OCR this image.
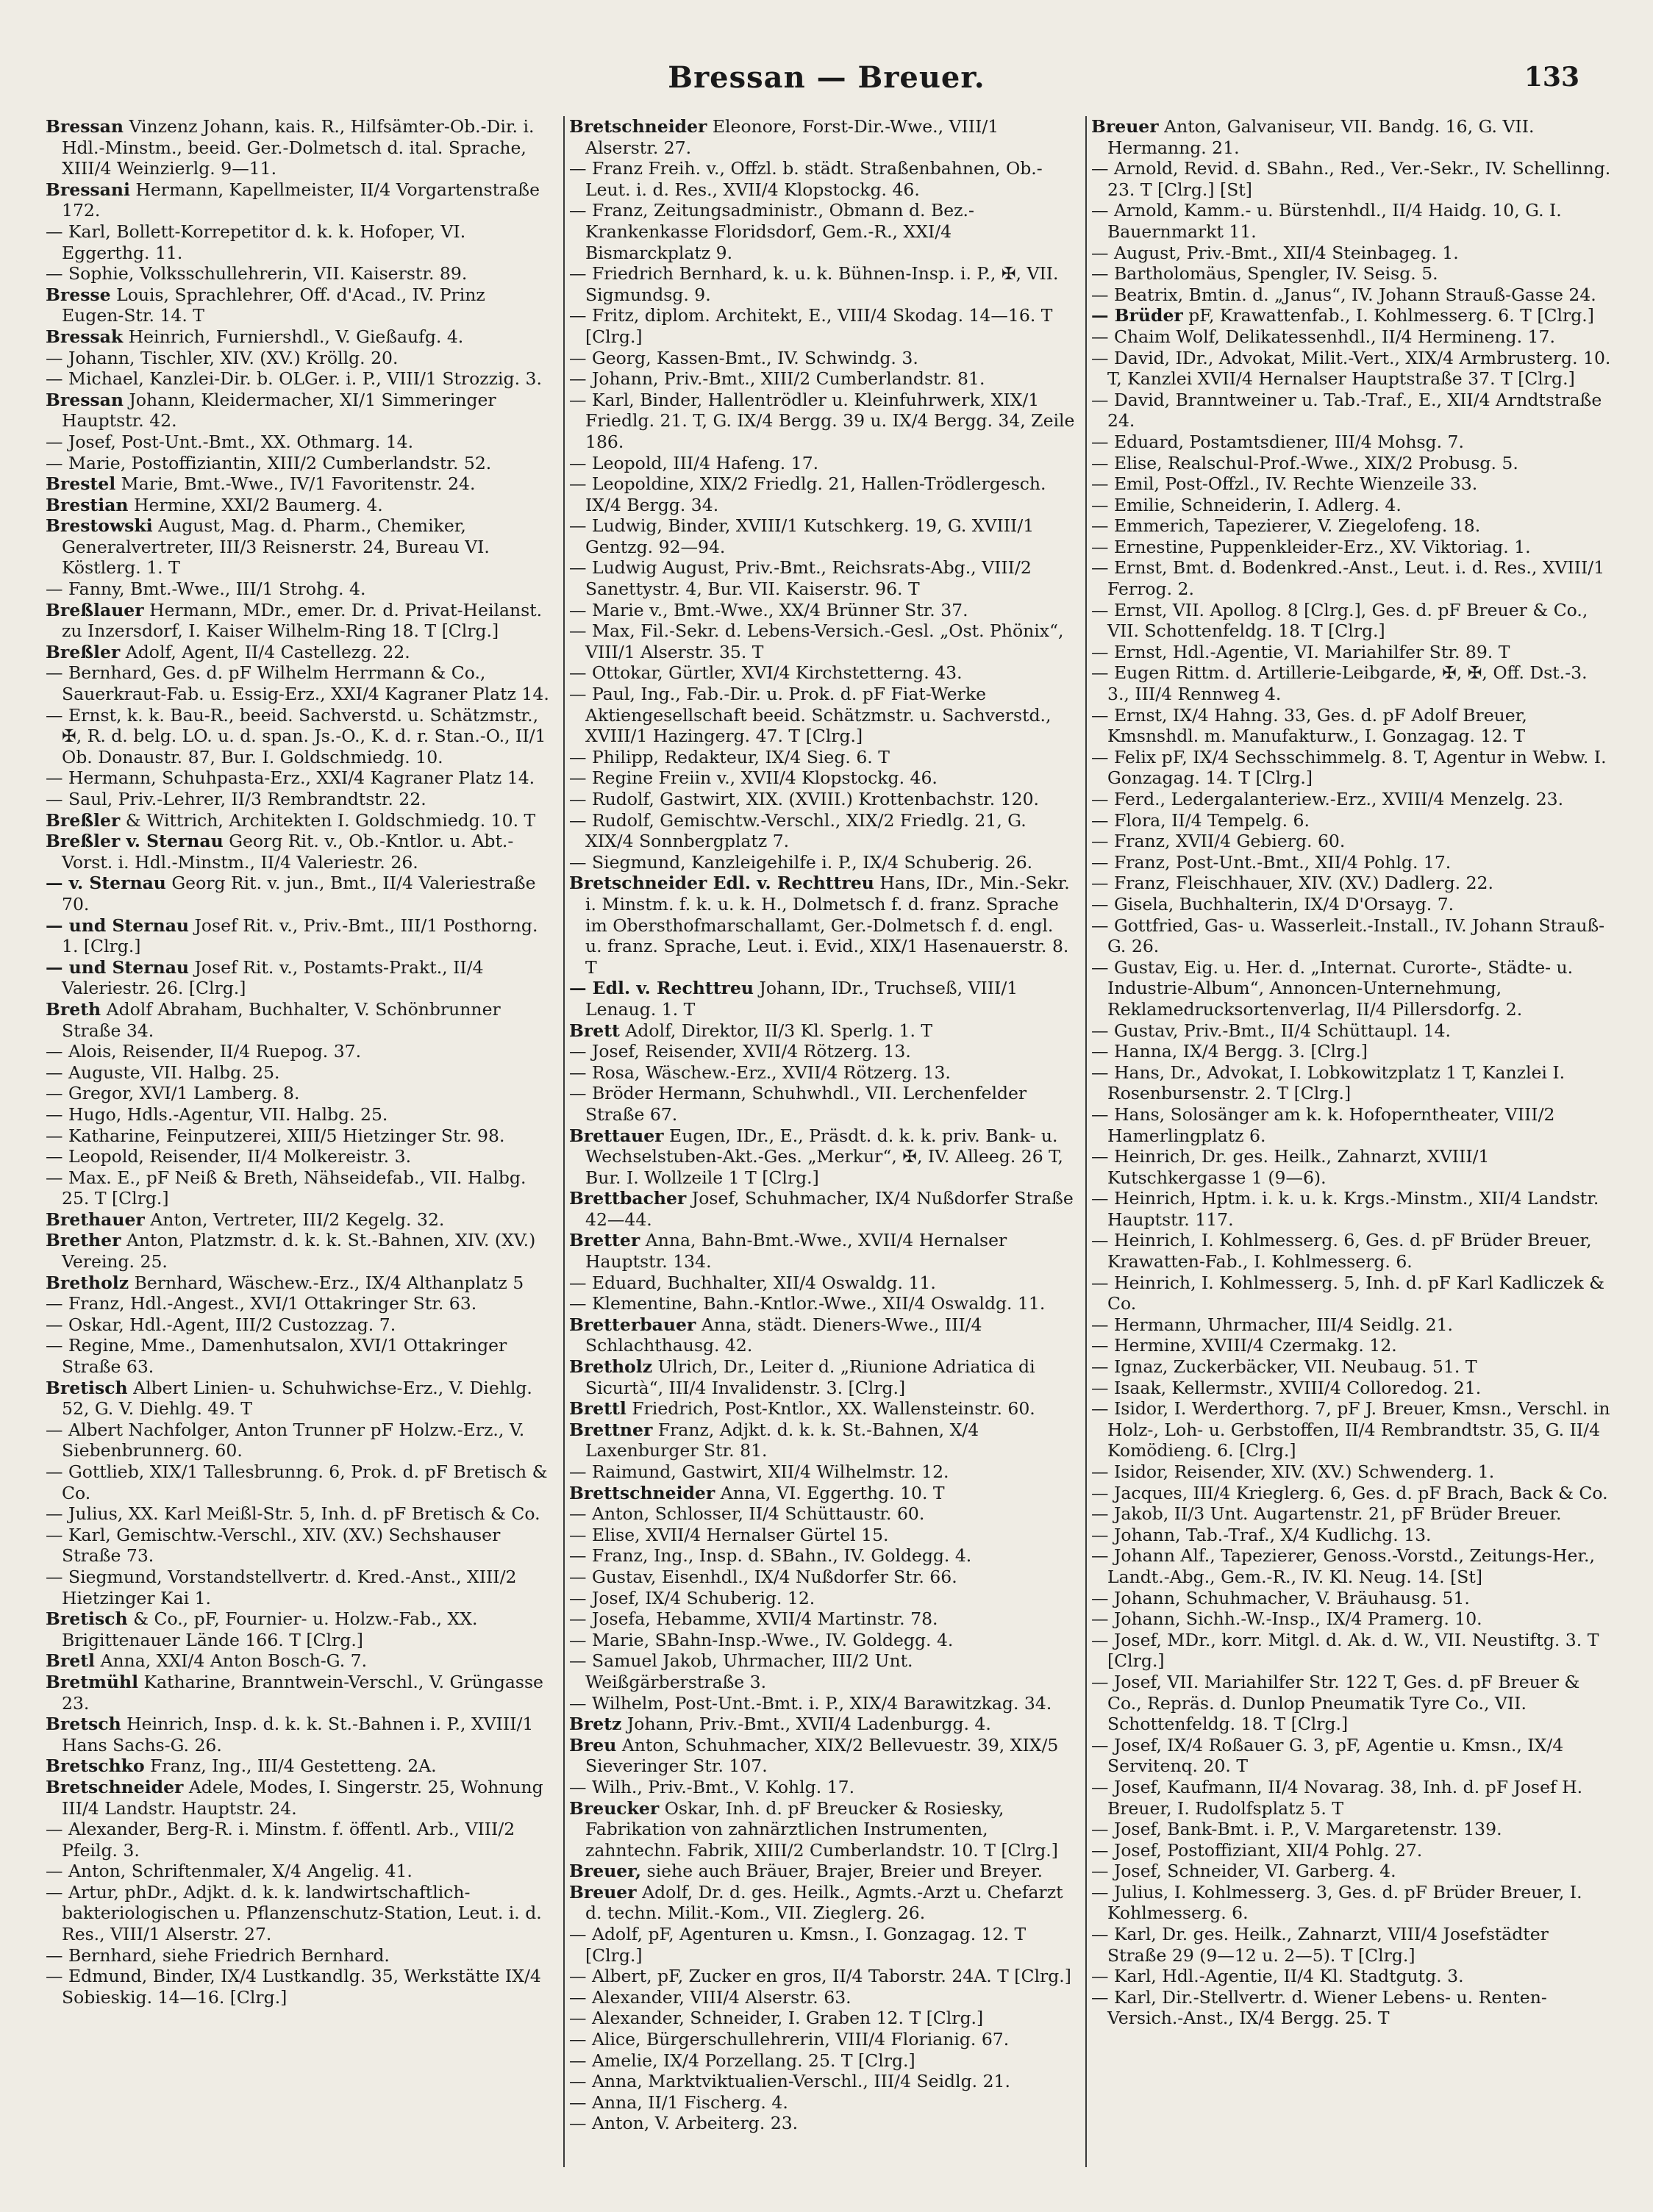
Bressan — Breuer.	133
Bressan Vinzenz Johann, kais. R., Hilfsämter-Ob.-Dir. i. Hdl.-Minstm., beeid. Ger.-Dolmetsch d. ital. Sprache, XIII/4 Weinzierlg. 9—11.
Bressani Hermann, Kapellmeister, II/4 Vorgartenstraße 172.
— Karl, Bollett-Korrepetitor d. k. k. Hofoper, VI. Eggerthg. 11.
— Sophie, Volksschullehrerin, VII. Kaiserstr. 89.
Bresse Louis, Sprachlehrer, Off. d'Acad., IV. Prinz Eugen-Str. 14. T
Bressak Heinrich, Furniershdl., V. Gießaufg. 4.
— Johann, Tischler, XIV. (XV.) Kröllg. 20.
— Michael, Kanzlei-Dir. b. OLGer. i. P., VIII/1 Strozzig. 3.
Bressan Johann, Kleidermacher, XI/1 Simmeringer Hauptstr. 42.
— Josef, Post-Unt.-Bmt., XX. Othmarg. 14.
— Marie, Postoffiziantin, XIII/2 Cumberlandstr. 52.
Brestel Marie, Bmt.-Wwe., IV/1 Favoritenstr. 24.
Brestian Hermine, XXI/2 Baumerg. 4.
Brestowski August, Mag. d. Pharm., Chemiker, Generalvertreter, III/3 Reisnerstr. 24, Bureau VI. Köstlerg. 1. T
— Fanny, Bmt.-Wwe., III/1 Strohg. 4.
Breßlauer Hermann, MDr., emer. Dr. d. Privat-Heilanst. zu Inzersdorf, I. Kaiser Wilhelm-Ring 18. T [Clrg.]
Breßler Adolf, Agent, II/4 Castellezg. 22.
— Bernhard, Ges. d. pF Wilhelm Herrmann & Co., Sauerkraut-Fab. u. Essig-Erz., XXI/4 Kagraner Platz 14.
— Ernst, k. k. Bau-R., beeid. Sachverstd. u. Schätzmstr., ✠, R. d. belg. LO. u. d. span. Js.-O., K. d. r. Stan.-O., II/1 Ob. Donaustr. 87, Bur. I. Goldschmiedg. 10.
— Hermann, Schuhpasta-Erz., XXI/4 Kagraner Platz 14.
— Saul, Priv.-Lehrer, II/3 Rembrandtstr. 22.
Breßler & Wittrich, Architekten I. Goldschmiedg. 10. T
Breßler v. Sternau Georg Rit. v., Ob.-Kntlor. u. Abt.-Vorst. i. Hdl.-Minstm., II/4 Valeriestr. 26.
— v. Sternau Georg Rit. v. jun., Bmt., II/4 Valeriestraße 70.
— und Sternau Josef Rit. v., Priv.-Bmt., III/1 Posthorng. 1. [Clrg.]
— und Sternau Josef Rit. v., Postamts-Prakt., II/4 Valeriestr. 26. [Clrg.]
Breth Adolf Abraham, Buchhalter, V. Schönbrunner Straße 34.
— Alois, Reisender, II/4 Ruepog. 37.
— Auguste, VII. Halbg. 25.
— Gregor, XVI/1 Lamberg. 8.
— Hugo, Hdls.-Agentur, VII. Halbg. 25.
— Katharine, Feinputzerei, XIII/5 Hietzinger Str. 98.
— Leopold, Reisender, II/4 Molkereistr. 3.
— Max. E., pF Neiß & Breth, Nähseidefab., VII. Halbg. 25. T [Clrg.]
Brethauer Anton, Vertreter, III/2 Kegelg. 32.
Brether Anton, Platzmstr. d. k. k. St.-Bahnen, XIV. (XV.) Vereing. 25.
Bretholz Bernhard, Wäschew.-Erz., IX/4 Althanplatz 5
— Franz, Hdl.-Angest., XVI/1 Ottakringer Str. 63.
— Oskar, Hdl.-Agent, III/2 Custozzag. 7.
— Regine, Mme., Damenhutsalon, XVI/1 Ottakringer Straße 63.
Bretisch Albert Linien- u. Schuhwichse-Erz., V. Diehlg. 52, G. V. Diehlg. 49. T
— Albert Nachfolger, Anton Trunner pF Holzw.-Erz., V. Siebenbrunnerg. 60.
— Gottlieb, XIX/1 Tallesbrunng. 6, Prok. d. pF Bretisch & Co.
— Julius, XX. Karl Meißl-Str. 5, Inh. d. pF Bretisch & Co.
— Karl, Gemischtw.-Verschl., XIV. (XV.) Sechshauser Straße 73.
— Siegmund, Vorstandstellvertr. d. Kred.-Anst., XIII/2 Hietzinger Kai 1.
Bretisch & Co., pF, Fournier- u. Holzw.-Fab., XX. Brigittenauer Lände 166. T [Clrg.]
Bretl Anna, XXI/4 Anton Bosch-G. 7.
Bretmühl Katharine, Branntwein-Verschl., V. Grüngasse 23.
Bretsch Heinrich, Insp. d. k. k. St.-Bahnen i. P., XVIII/1 Hans Sachs-G. 26.
Bretschko Franz, Ing., III/4 Gestetteng. 2A.
Bretschneider Adele, Modes, I. Singerstr. 25, Wohnung III/4 Landstr. Hauptstr. 24.
— Alexander, Berg-R. i. Minstm. f. öffentl. Arb., VIII/2 Pfeilg. 3.
— Anton, Schriftenmaler, X/4 Angelig. 41.
— Artur, phDr., Adjkt. d. k. k. landwirtschaftlich-bakteriologischen u. Pflanzenschutz-Station, Leut. i. d. Res., VIII/1 Alserstr. 27.
— Bernhard, siehe Friedrich Bernhard.
— Edmund, Binder, IX/4 Lustkandlg. 35, Werkstätte IX/4 Sobieskig. 14—16. [Clrg.]
Bretschneider Eleonore, Forst-Dir.-Wwe., VIII/1 Alserstr. 27.
— Franz Freih. v., Offzl. b. städt. Straßenbahnen, Ob.-Leut. i. d. Res., XVII/4 Klopstockg. 46.
— Franz, Zeitungsadministr., Obmann d. Bez.-Krankenkasse Floridsdorf, Gem.-R., XXI/4 Bismarckplatz 9.
— Friedrich Bernhard, k. u. k. Bühnen-Insp. i. P., ✠, VII. Sigmundsg. 9.
— Fritz, diplom. Architekt, E., VIII/4 Skodag. 14—16. T [Clrg.]
— Georg, Kassen-Bmt., IV. Schwindg. 3.
— Johann, Priv.-Bmt., XIII/2 Cumberlandstr. 81.
— Karl, Binder, Hallentrödler u. Kleinfuhrwerk, XIX/1 Friedlg. 21. T, G. IX/4 Bergg. 39 u. IX/4 Bergg. 34, Zeile 186.
— Leopold, III/4 Hafeng. 17.
— Leopoldine, XIX/2 Friedlg. 21, Hallen-Trödlergesch. IX/4 Bergg. 34.
— Ludwig, Binder, XVIII/1 Kutschkerg. 19, G. XVIII/1 Gentzg. 92—94.
— Ludwig August, Priv.-Bmt., Reichsrats-Abg., VIII/2 Sanettystr. 4, Bur. VII. Kaiserstr. 96. T
— Marie v., Bmt.-Wwe., XX/4 Brünner Str. 37.
— Max, Fil.-Sekr. d. Lebens-Versich.-Gesl. „Ost. Phönix“, VIII/1 Alserstr. 35. T
— Ottokar, Gürtler, XVI/4 Kirchstetterng. 43.
— Paul, Ing., Fab.-Dir. u. Prok. d. pF Fiat-Werke Aktiengesellschaft beeid. Schätzmstr. u. Sachverstd., XVIII/1 Hazingerg. 47. T [Clrg.]
— Philipp, Redakteur, IX/4 Sieg. 6. T
— Regine Freiin v., XVII/4 Klopstockg. 46.
— Rudolf, Gastwirt, XIX. (XVIII.) Krottenbachstr. 120.
— Rudolf, Gemischtw.-Verschl., XIX/2 Friedlg. 21, G. XIX/4 Sonnbergplatz 7.
— Siegmund, Kanzleigehilfe i. P., IX/4 Schuberig. 26.
Bretschneider Edl. v. Rechttreu Hans, IDr., Min.-Sekr. i. Minstm. f. k. u. k. H., Dolmetsch f. d. franz. Sprache im Obersthofmarschallamt, Ger.-Dolmetsch f. d. engl. u. franz. Sprache, Leut. i. Evid., XIX/1 Hasenauerstr. 8. T
— Edl. v. Rechttreu Johann, IDr., Truchseß, VIII/1 Lenaug. 1. T
Brett Adolf, Direktor, II/3 Kl. Sperlg. 1. T
— Josef, Reisender, XVII/4 Rötzerg. 13.
— Rosa, Wäschew.-Erz., XVII/4 Rötzerg. 13.
— Bröder Hermann, Schuhwhdl., VII. Lerchenfelder Straße 67.
Brettauer Eugen, IDr., E., Präsdt. d. k. k. priv. Bank- u. Wechselstuben-Akt.-Ges. „Merkur“, ✠, IV. Alleeg. 26 T, Bur. I. Wollzeile 1 T [Clrg.]
Brettbacher Josef, Schuhmacher, IX/4 Nußdorfer Straße 42—44.
Bretter Anna, Bahn-Bmt.-Wwe., XVII/4 Hernalser Hauptstr. 134.
— Eduard, Buchhalter, XII/4 Oswaldg. 11.
— Klementine, Bahn.-Kntlor.-Wwe., XII/4 Oswaldg. 11.
Bretterbauer Anna, städt. Dieners-Wwe., III/4 Schlachthausg. 42.
Bretholz Ulrich, Dr., Leiter d. „Riunione Adriatica di Sicurtà“, III/4 Invalidenstr. 3. [Clrg.]
Brettl Friedrich, Post-Kntlor., XX. Wallensteinstr. 60.
Brettner Franz, Adjkt. d. k. k. St.-Bahnen, X/4 Laxenburger Str. 81.
— Raimund, Gastwirt, XII/4 Wilhelmstr. 12.
Brettschneider Anna, VI. Eggerthg. 10. T
— Anton, Schlosser, II/4 Schüttaustr. 60.
— Elise, XVII/4 Hernalser Gürtel 15.
— Franz, Ing., Insp. d. SBahn., IV. Goldegg. 4.
— Gustav, Eisenhdl., IX/4 Nußdorfer Str. 66.
— Josef, IX/4 Schuberig. 12.
— Josefa, Hebamme, XVII/4 Martinstr. 78.
— Marie, SBahn-Insp.-Wwe., IV. Goldegg. 4.
— Samuel Jakob, Uhrmacher, III/2 Unt. Weißgärberstraße 3.
— Wilhelm, Post-Unt.-Bmt. i. P., XIX/4 Barawitzkag. 34.
Bretz Johann, Priv.-Bmt., XVII/4 Ladenburgg. 4.
Breu Anton, Schuhmacher, XIX/2 Bellevuestr. 39, XIX/5 Sieveringer Str. 107.
— Wilh., Priv.-Bmt., V. Kohlg. 17.
Breucker Oskar, Inh. d. pF Breucker & Rosiesky, Fabrikation von zahnärztlichen Instrumenten, zahntechn. Fabrik, XIII/2 Cumberlandstr. 10. T [Clrg.]
Breuer, siehe auch Bräuer, Brajer, Breier und Breyer.
Breuer Adolf, Dr. d. ges. Heilk., Agmts.-Arzt u. Chefarzt d. techn. Milit.-Kom., VII. Zieglerg. 26.
— Adolf, pF, Agenturen u. Kmsn., I. Gonzagag. 12. T [Clrg.]
— Albert, pF, Zucker en gros, II/4 Taborstr. 24A. T [Clrg.]
— Alexander, VIII/4 Alserstr. 63.
— Alexander, Schneider, I. Graben 12. T [Clrg.]
— Alice, Bürgerschullehrerin, VIII/4 Florianig. 67.
— Amelie, IX/4 Porzellang. 25. T [Clrg.]
— Anna, Marktviktualien-Verschl., III/4 Seidlg. 21.
— Anna, II/1 Fischerg. 4.
— Anton, V. Arbeiterg. 23.
Breuer Anton, Galvaniseur, VII. Bandg. 16, G. VII. Hermanng. 21.
— Arnold, Revid. d. SBahn., Red., Ver.-Sekr., IV. Schellinng. 23. T [Clrg.] [St]
— Arnold, Kamm.- u. Bürstenhdl., II/4 Haidg. 10, G. I. Bauernmarkt 11.
— August, Priv.-Bmt., XII/4 Steinbageg. 1.
— Bartholomäus, Spengler, IV. Seisg. 5.
— Beatrix, Bmtin. d. „Janus“, IV. Johann Strauß-Gasse 24.
— Brüder pF, Krawattenfab., I. Kohlmesserg. 6. T [Clrg.]
— Chaim Wolf, Delikatessenhdl., II/4 Hermineng. 17.
— David, IDr., Advokat, Milit.-Vert., XIX/4 Armbrusterg. 10. T, Kanzlei XVII/4 Hernalser Hauptstraße 37. T [Clrg.]
— David, Branntweiner u. Tab.-Traf., E., XII/4 Arndtstraße 24.
— Eduard, Postamtsdiener, III/4 Mohsg. 7.
— Elise, Realschul-Prof.-Wwe., XIX/2 Probusg. 5.
— Emil, Post-Offzl., IV. Rechte Wienzeile 33.
— Emilie, Schneiderin, I. Adlerg. 4.
— Emmerich, Tapezierer, V. Ziegelofeng. 18.
— Ernestine, Puppenkleider-Erz., XV. Viktoriag. 1.
— Ernst, Bmt. d. Bodenkred.-Anst., Leut. i. d. Res., XVIII/1 Ferrog. 2.
— Ernst, VII. Apollog. 8 [Clrg.], Ges. d. pF Breuer & Co., VII. Schottenfeldg. 18. T [Clrg.]
— Ernst, Hdl.-Agentie, VI. Mariahilfer Str. 89. T
— Eugen Rittm. d. Artillerie-Leibgarde, ✠, ✠, Off. Dst.-3. 3., III/4 Rennweg 4.
— Ernst, IX/4 Hahng. 33, Ges. d. pF Adolf Breuer, Kmsnshdl. m. Manufakturw., I. Gonzagag. 12. T
— Felix pF, IX/4 Sechsschimmelg. 8. T, Agentur in Webw. I. Gonzagag. 14. T [Clrg.]
— Ferd., Ledergalanteriew.-Erz., XVIII/4 Menzelg. 23.
— Flora, II/4 Tempelg. 6.
— Franz, XVII/4 Gebierg. 60.
— Franz, Post-Unt.-Bmt., XII/4 Pohlg. 17.
— Franz, Fleischhauer, XIV. (XV.) Dadlerg. 22.
— Gisela, Buchhalterin, IX/4 D'Orsayg. 7.
— Gottfried, Gas- u. Wasserleit.-Install., IV. Johann Strauß-G. 26.
— Gustav, Eig. u. Her. d. „Internat. Curorte-, Städte- u. Industrie-Album“, Annoncen-Unternehmung, Reklamedrucksortenverlag, II/4 Pillersdorfg. 2.
— Gustav, Priv.-Bmt., II/4 Schüttaupl. 14.
— Hanna, IX/4 Bergg. 3. [Clrg.]
— Hans, Dr., Advokat, I. Lobkowitzplatz 1 T, Kanzlei I. Rosenbursenstr. 2. T [Clrg.]
— Hans, Solosänger am k. k. Hofoperntheater, VIII/2 Hamerlingplatz 6.
— Heinrich, Dr. ges. Heilk., Zahnarzt, XVIII/1 Kutschkergasse 1 (9—6).
— Heinrich, Hptm. i. k. u. k. Krgs.-Minstm., XII/4 Landstr. Hauptstr. 117.
— Heinrich, I. Kohlmesserg. 6, Ges. d. pF Brüder Breuer, Krawatten-Fab., I. Kohlmesserg. 6.
— Heinrich, I. Kohlmesserg. 5, Inh. d. pF Karl Kadliczek & Co.
— Hermann, Uhrmacher, III/4 Seidlg. 21.
— Hermine, XVIII/4 Czermakg. 12.
— Ignaz, Zuckerbäcker, VII. Neubaug. 51. T
— Isaak, Kellermstr., XVIII/4 Colloredog. 21.
— Isidor, I. Werderthorg. 7, pF J. Breuer, Kmsn., Verschl. in Holz-, Loh- u. Gerbstoffen, II/4 Rembrandtstr. 35, G. II/4 Komödieng. 6. [Clrg.]
— Isidor, Reisender, XIV. (XV.) Schwenderg. 1.
— Jacques, III/4 Krieglerg. 6, Ges. d. pF Brach, Back & Co.
— Jakob, II/3 Unt. Augartenstr. 21, pF Brüder Breuer.
— Johann, Tab.-Traf., X/4 Kudlichg. 13.
— Johann Alf., Tapezierer, Genoss.-Vorstd., Zeitungs-Her., Landt.-Abg., Gem.-R., IV. Kl. Neug. 14. [St]
— Johann, Schuhmacher, V. Bräuhausg. 51.
— Johann, Sichh.-W.-Insp., IX/4 Pramerg. 10.
— Josef, MDr., korr. Mitgl. d. Ak. d. W., VII. Neustiftg. 3. T [Clrg.]
— Josef, VII. Mariahilfer Str. 122 T, Ges. d. pF Breuer & Co., Repräs. d. Dunlop Pneumatik Tyre Co., VII. Schottenfeldg. 18. T [Clrg.]
— Josef, IX/4 Roßauer G. 3, pF, Agentie u. Kmsn., IX/4 Servitenq. 20. T
— Josef, Kaufmann, II/4 Novarag. 38, Inh. d. pF Josef H. Breuer, I. Rudolfsplatz 5. T
— Josef, Bank-Bmt. i. P., V. Margaretenstr. 139.
— Josef, Postoffiziant, XII/4 Pohlg. 27.
— Josef, Schneider, VI. Garberg. 4.
— Julius, I. Kohlmesserg. 3, Ges. d. pF Brüder Breuer, I. Kohlmesserg. 6.
— Karl, Dr. ges. Heilk., Zahnarzt, VIII/4 Josefstädter Straße 29 (9—12 u. 2—5). T [Clrg.]
— Karl, Hdl.-Agentie, II/4 Kl. Stadtgutg. 3.
— Karl, Dir.-Stellvertr. d. Wiener Lebens- u. Renten-Versich.-Anst., IX/4 Bergg. 25. T
